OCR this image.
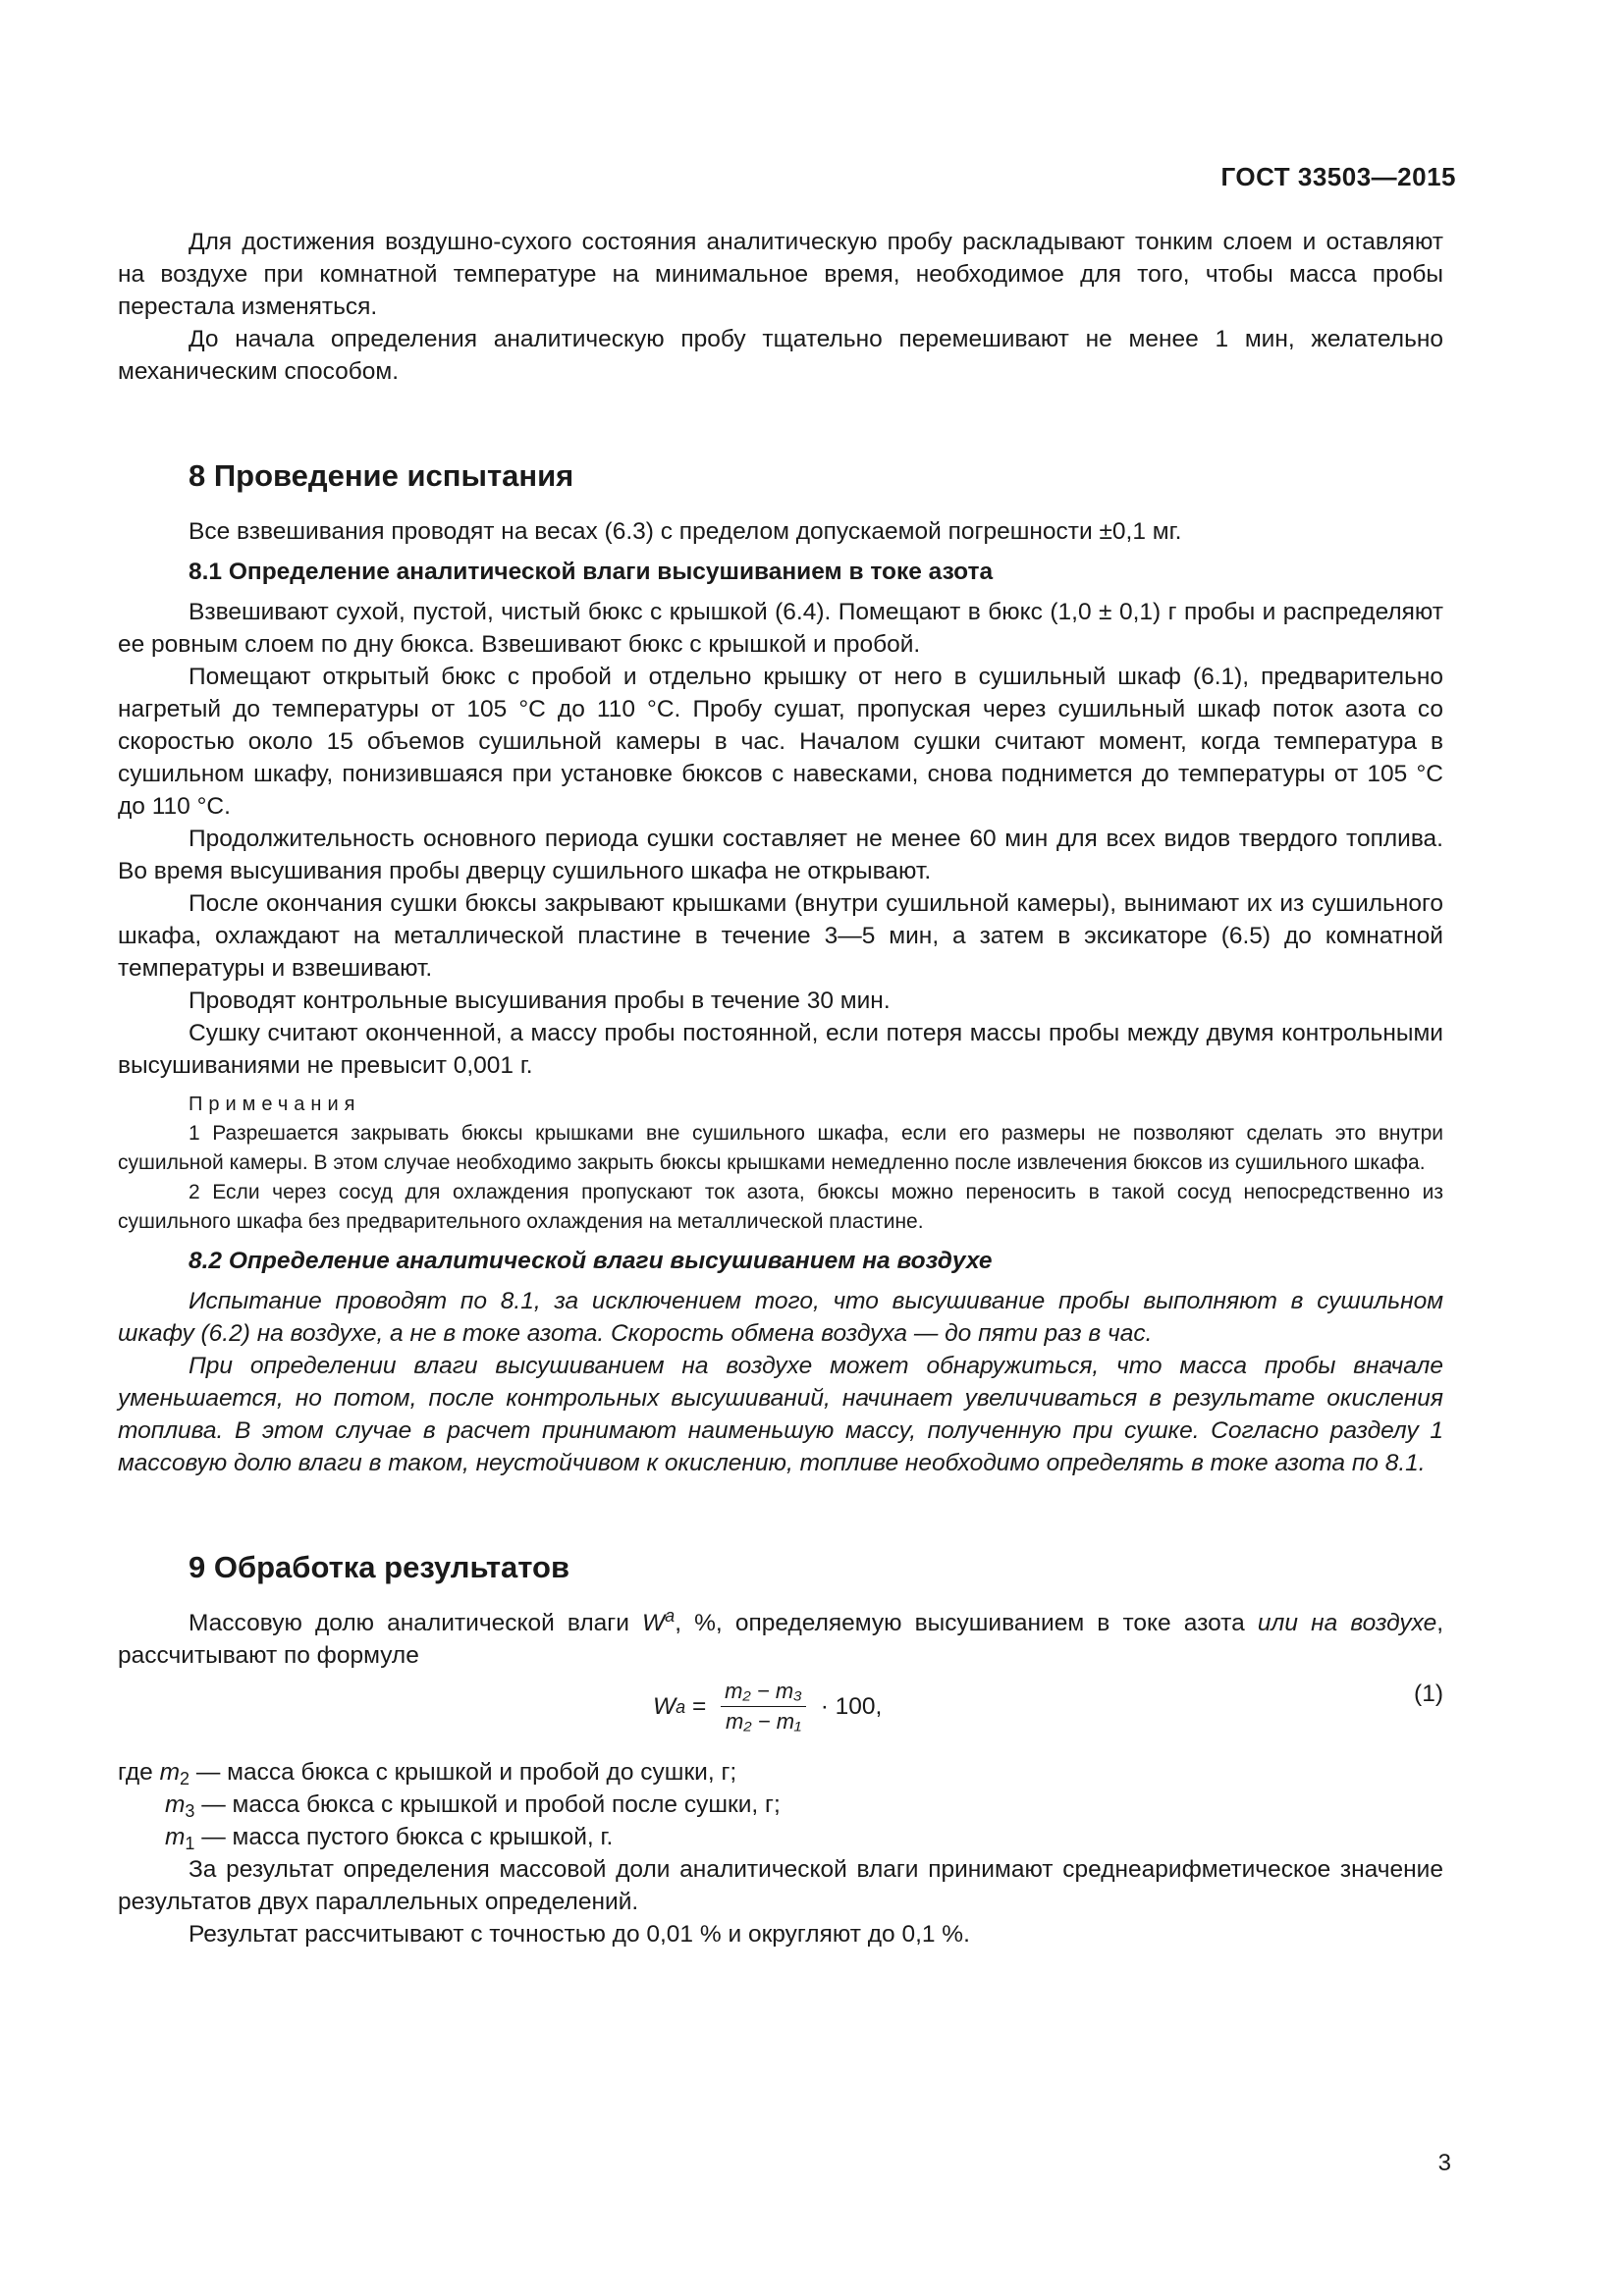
ГОСТ 33503—2015

Для достижения воздушно-сухого состояния аналитическую пробу раскладывают тонким слоем и оставляют на воздухе при комнатной температуре на минимальное время, необходимое для того, чтобы масса пробы перестала изменяться.

До начала определения аналитическую пробу тщательно перемешивают не менее 1 мин, желательно механическим способом.

8 Проведение испытания

Все взвешивания проводят на весах (6.3) с пределом допускаемой погрешности ±0,1 мг.

8.1 Определение аналитической влаги высушиванием в токе азота

Взвешивают сухой, пустой, чистый бюкс с крышкой (6.4). Помещают в бюкс (1,0 ± 0,1) г пробы и распределяют ее ровным слоем по дну бюкса. Взвешивают бюкс с крышкой и пробой.

Помещают открытый бюкс с пробой и отдельно крышку от него в сушильный шкаф (6.1), предварительно нагретый до температуры от 105 °С до 110 °С. Пробу сушат, пропуская через сушильный шкаф поток азота со скоростью около 15 объемов сушильной камеры в час. Началом сушки считают момент, когда температура в сушильном шкафу, понизившаяся при установке бюксов с навесками, снова поднимется до температуры от 105 °С до 110 °С.

Продолжительность основного периода сушки составляет не менее 60 мин для всех видов твердого топлива. Во время высушивания пробы дверцу сушильного шкафа не открывают.

После окончания сушки бюксы закрывают крышками (внутри сушильной камеры), вынимают их из сушильного шкафа, охлаждают на металлической пластине в течение 3—5 мин, а затем в эксикаторе (6.5) до комнатной температуры и взвешивают.

Проводят контрольные высушивания пробы в течение 30 мин.

Сушку считают оконченной, а массу пробы постоянной, если потеря массы пробы между двумя контрольными высушиваниями не превысит 0,001 г.

Примечания

1 Разрешается закрывать бюксы крышками вне сушильного шкафа, если его размеры не позволяют сделать это внутри сушильной камеры. В этом случае необходимо закрыть бюксы крышками немедленно после извлечения бюксов из сушильного шкафа.

2 Если через сосуд для охлаждения пропускают ток азота, бюксы можно переносить в такой сосуд непосредственно из сушильного шкафа без предварительного охлаждения на металлической пластине.

8.2 Определение аналитической влаги высушиванием на воздухе

Испытание проводят по 8.1, за исключением того, что высушивание пробы выполняют в сушильном шкафу (6.2) на воздухе, а не в токе азота. Скорость обмена воздуха — до пяти раз в час.

При определении влаги высушиванием на воздухе может обнаружиться, что масса пробы вначале уменьшается, но потом, после контрольных высушиваний, начинает увеличиваться в результате окисления топлива. В этом случае в расчет принимают наименьшую массу, полученную при сушке. Согласно разделу 1 массовую долю влаги в таком, неустойчивом к окислению, топливе необходимо определять в токе азота по 8.1.

9 Обработка результатов

Массовую долю аналитической влаги $W^a$, %, определяемую высушиванием в токе азота или на воздухе, рассчитывают по формуле

W $a = \frac{\text{m₂ − m₃}}{\text{m₂ − m₁}} \cdot 100$,	(1)
где $m_2$ — масса бюкса с крышкой и пробой до сушки, г;
$m_3$ — масса бюкса с крышкой и пробой после сушки, г;
$m_1$ — масса пустого бюкса с крышкой, г.

За результат определения массовой доли аналитической влаги принимают среднеарифметическое значение результатов двух параллельных определений.

Результат рассчитывают с точностью до 0,01 % и округляют до 0,1 %.

3
